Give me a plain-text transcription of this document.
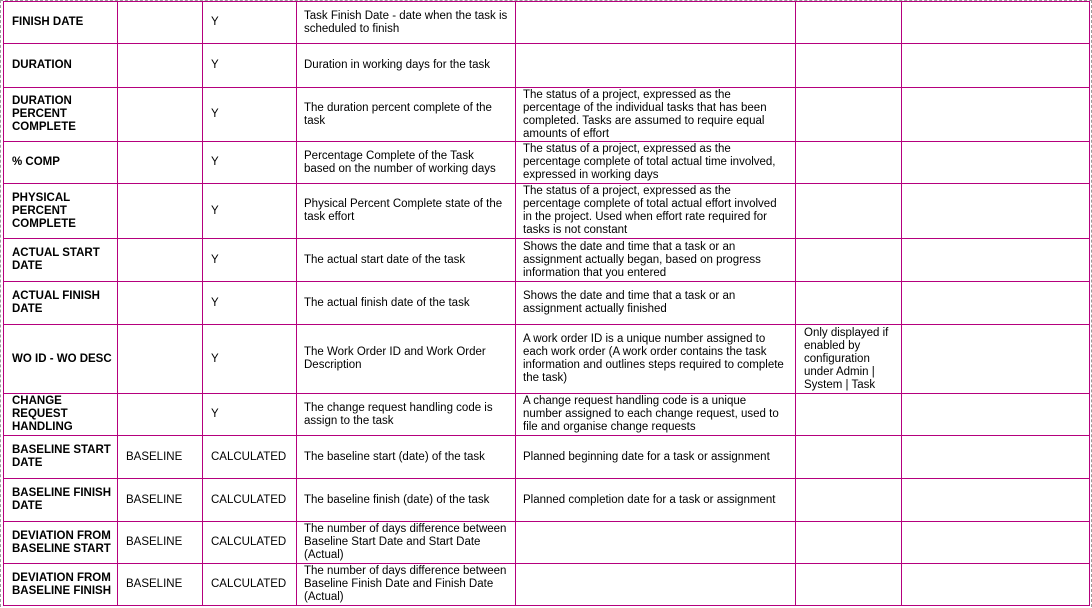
FINISH DATE		Y	Task Finish Date - date when the task is scheduled to finish			
DURATION		Y	Duration in working days for the task			
DURATION PERCENT COMPLETE		Y	The duration percent complete of the task	The status of a project, expressed as the percentage of the individual tasks that has been completed. Tasks are assumed to require equal amounts of effort		
% COMP		Y	Percentage Complete of the Task based on the number of working days	The status of a project, expressed as the percentage complete of total actual time involved, expressed in working days		
PHYSICAL PERCENT COMPLETE		Y	Physical Percent Complete state of the task effort	The status of a project, expressed as the percentage complete of total actual effort involved in the project. Used when effort rate required for tasks is not constant		
ACTUAL START DATE		Y	The actual start date of the task	Shows the date and time that a task or an assignment actually began, based on progress information that you entered		
ACTUAL FINISH DATE		Y	The actual finish date of the task	Shows the date and time that a task or an assignment actually finished		
WO ID - WO DESC		Y	The Work Order ID and Work Order Description	A work order ID is a unique number assigned to each work order (A work order contains the task information and outlines steps required to complete the task)	Only displayed if enabled by configuration under Admin | System | Task	
CHANGE REQUEST HANDLING		Y	The change request handling code is assign to the task	A change request handling code is a unique number assigned to each change request, used to file and organise change requests		
BASELINE START DATE	BASELINE	CALCULATED	The baseline start (date) of the task	Planned beginning date for a task or assignment		
BASELINE FINISH DATE	BASELINE	CALCULATED	The baseline finish (date) of the task	Planned completion date for a task or assignment		
DEVIATION FROM BASELINE START	BASELINE	CALCULATED	The number of days difference between Baseline Start Date and Start Date (Actual)			
DEVIATION FROM BASELINE FINISH	BASELINE	CALCULATED	The number of days difference between Baseline Finish Date and Finish Date (Actual)			
